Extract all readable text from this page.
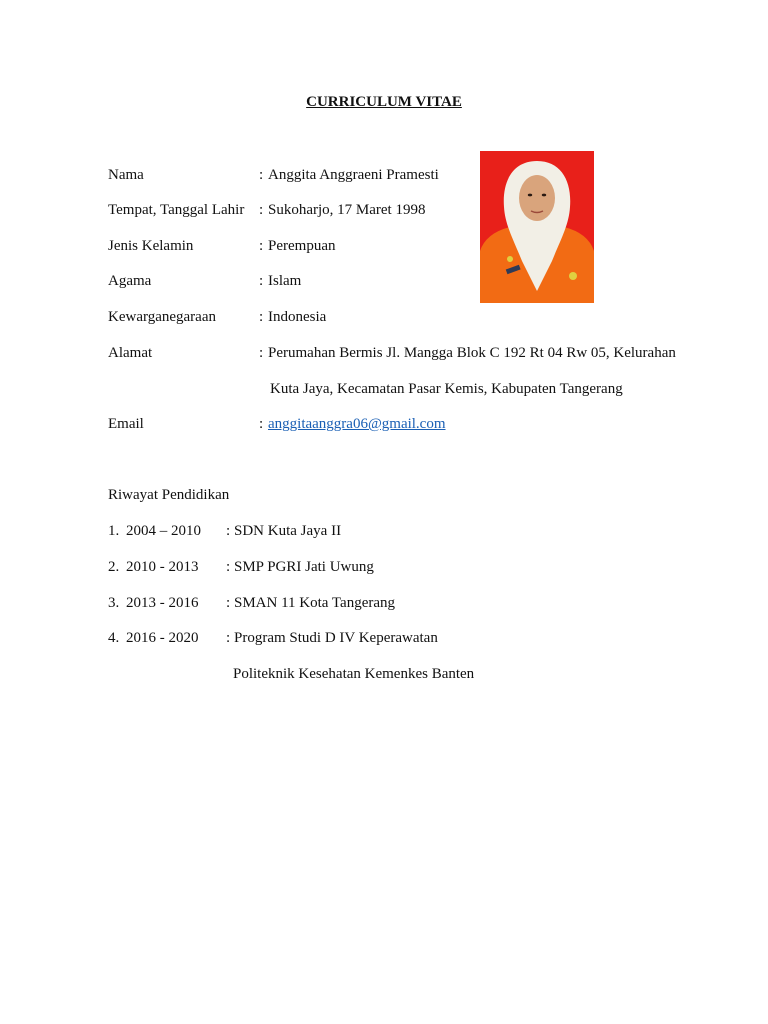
CURRICULUM VITAE
Nama	: Anggita Anggraeni Pramesti
Tempat, Tanggal Lahir : Sukoharjo, 17 Maret 1998
Jenis Kelamin	: Perempuan
Agama	: Islam
Kewarganegaraan	: Indonesia
Alamat	: Perumahan Bermis Jl. Mangga Blok C 192 Rt 04 Rw 05, Kelurahan
Kuta Jaya, Kecamatan Pasar Kemis, Kabupaten Tangerang
Email	: anggitaanggra06@gmail.com
Riwayat Pendidikan
1. 2004 – 2010 : SDN Kuta Jaya II
2. 2010 - 2013 : SMP PGRI Jati Uwung
3. 2013 - 2016 : SMAN 11 Kota Tangerang
4. 2016 - 2020 : Program Studi D IV Keperawatan
Politeknik Kesehatan Kemenkes Banten
